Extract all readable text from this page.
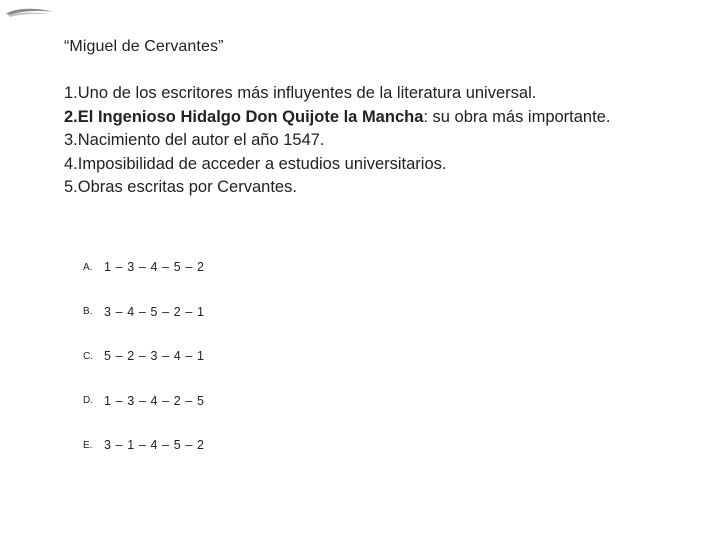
“Miguel de Cervantes”
1.Uno de los escritores más influyentes de la literatura universal.
2.El Ingenioso Hidalgo Don Quijote la Mancha: su obra más importante.
3.Nacimiento del autor el año 1547.
4.Imposibilidad de acceder a estudios universitarios.
5.Obras escritas por Cervantes.
A. 1 – 3 – 4 – 5 – 2
B. 3 – 4 – 5 – 2 – 1
C. 5 – 2 – 3 – 4 – 1
D. 1 – 3 – 4 – 2 – 5
E. 3 – 1 – 4 – 5 – 2
